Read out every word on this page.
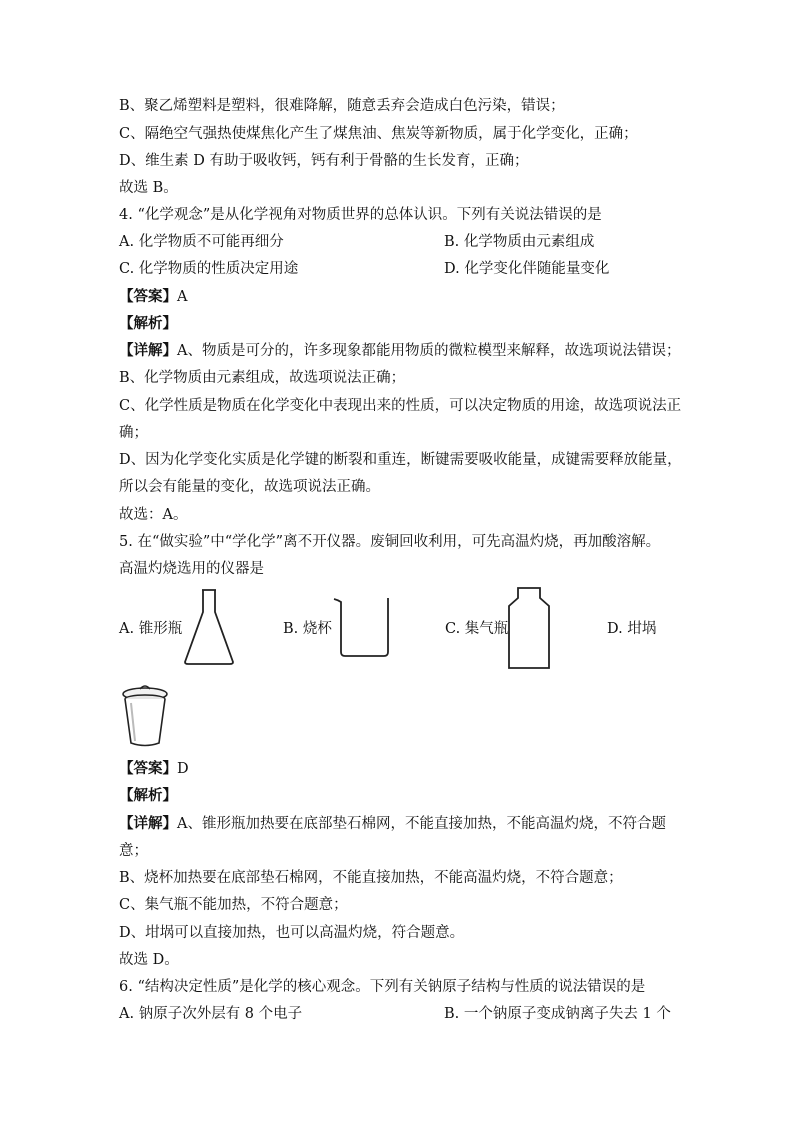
B、聚乙烯塑料是塑料，很难降解，随意丢弃会造成白色污染，错误；
C、隔绝空气强热使煤焦化产生了煤焦油、焦炭等新物质，属于化学变化，正确；
D、维生素 D 有助于吸收钙，钙有利于骨骼的生长发育，正确；
故选 B。
4. “化学观念”是从化学视角对物质世界的总体认识。下列有关说法错误的是
A. 化学物质不可能再细分	B. 化学物质由元素组成
C. 化学物质的性质决定用途	D. 化学变化伴随能量变化
【答案】A
【解析】
【详解】A、物质是可分的，许多现象都能用物质的微粒模型来解释，故选项说法错误；
B、化学物质由元素组成，故选项说法正确；
C、化学性质是物质在化学变化中表现出来的性质，可以决定物质的用途，故选项说法正
确；
D、因为化学变化实质是化学键的断裂和重连，断键需要吸收能量，成键需要释放能量，
所以会有能量的变化，故选项说法正确。
故选：A。
5. 在“做实验”中“学化学”离不开仪器。废铜回收利用，可先高温灼烧，再加酸溶解。
高温灼烧选用的仪器是
A. 锥形瓶	B. 烧杯	C. 集气瓶	D. 坩埚
【答案】D
【解析】
【详解】A、锥形瓶加热要在底部垫石棉网，不能直接加热，不能高温灼烧，不符合题
意；
B、烧杯加热要在底部垫石棉网，不能直接加热，不能高温灼烧，不符合题意；
C、集气瓶不能加热，不符合题意；
D、坩埚可以直接加热，也可以高温灼烧，符合题意。
故选 D。
6. “结构决定性质”是化学的核心观念。下列有关钠原子结构与性质的说法错误的是
A. 钠原子次外层有 8 个电子	B. 一个钠原子变成钠离子失去 1 个
